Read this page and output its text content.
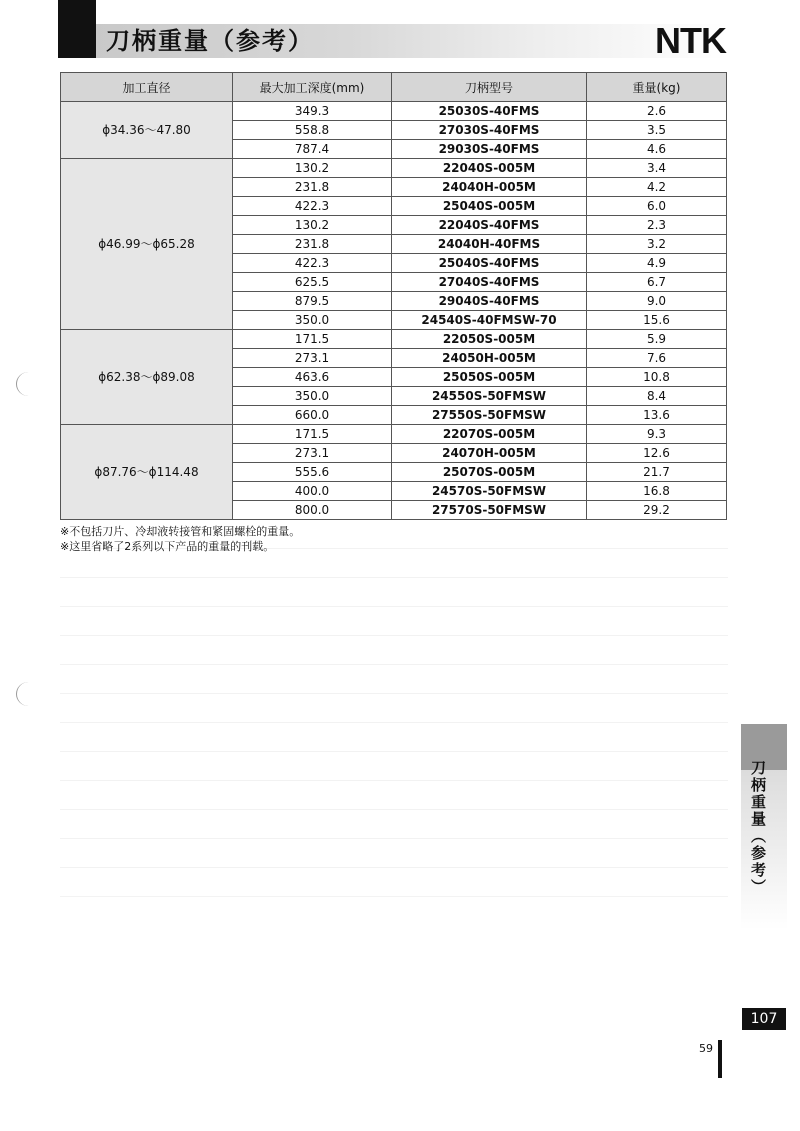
刀柄重量（参考）	NTK
加工直径	最大加工深度(mm)	刀柄型号	重量(kg)
ϕ34.36～47.80	349.3	25030S-40FMS	2.6
	558.8	27030S-40FMS	3.5
	787.4	29030S-40FMS	4.6
ϕ46.99～ϕ65.28	130.2	22040S-005M	3.4
	231.8	24040H-005M	4.2
	422.3	25040S-005M	6.0
	130.2	22040S-40FMS	2.3
	231.8	24040H-40FMS	3.2
	422.3	25040S-40FMS	4.9
	625.5	27040S-40FMS	6.7
	879.5	29040S-40FMS	9.0
	350.0	24540S-40FMSW-70	15.6
ϕ62.38～ϕ89.08	171.5	22050S-005M	5.9
	273.1	24050H-005M	7.6
	463.6	25050S-005M	10.8
	350.0	24550S-50FMSW	8.4
	660.0	27550S-50FMSW	13.6
ϕ87.76～ϕ114.48	171.5	22070S-005M	9.3
	273.1	24070H-005M	12.6
	555.6	25070S-005M	21.7
	400.0	24570S-50FMSW	16.8
	800.0	27570S-50FMSW	29.2
※不包括刀片、冷却液转接管和紧固螺栓的重量。
※这里省略了2系列以下产品的重量的刊载。
刀柄重量（参考）
107
59
